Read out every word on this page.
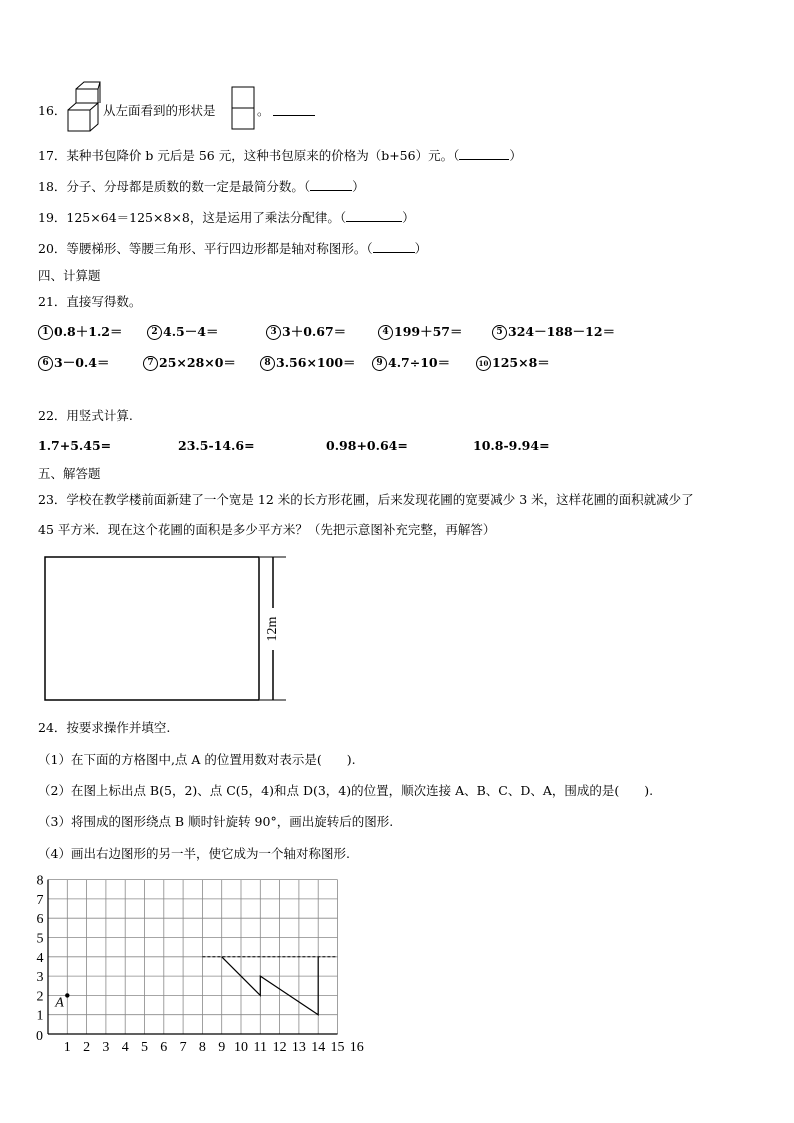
16．	从左面看到的形状是	。
17．某种书包降价 b 元后是 56 元，这种书包原来的价格为（b+56）元。（	）
18．分子、分母都是质数的数一定是最简分数。（	）
19．125×64＝125×8×8，这是运用了乘法分配律。（	）
20．等腰梯形、等腰三角形、平行四边形都是轴对称图形。（	）
四、计算题
21．直接写得数。
1 0.8＋1.2＝	2 4.5－4＝	3 3＋0.67＝	4 199＋57＝	5 324－188－12＝
6 3－0.4＝	7 25×28×0＝	8 3.56×100＝	9 4.7÷10＝	10 125×8＝
22．用竖式计算.
1.7+5.45=	23.5-14.6=	0.98+0.64=	10.8-9.94=
五、解答题
23．学校在教学楼前面新建了一个宽是 12 米的长方形花圃，后来发现花圃的宽要减少 3 米，这样花圃的面积就减少了
45 平方米．现在这个花圃的面积是多少平方米？（先把示意图补充完整，再解答）
12m
24．按要求操作并填空.
（1）在下面的方格图中,点 A 的位置用数对表示是(　　).
（2）在图上标出点 B(5，2)、点 C(5，4)和点 D(3，4)的位置，顺次连接 A、B、C、D、A，围成的是(　　).
（3）将围成的图形绕点 B 顺时针旋转 90°，画出旋转后的图形.
（4）画出右边图形的另一半，使它成为一个轴对称图形.
1 2 3 4 5 6 7 8 9 10 11 12 13 14 15 16
8
7
6
5
4
3
2
1
0
A
